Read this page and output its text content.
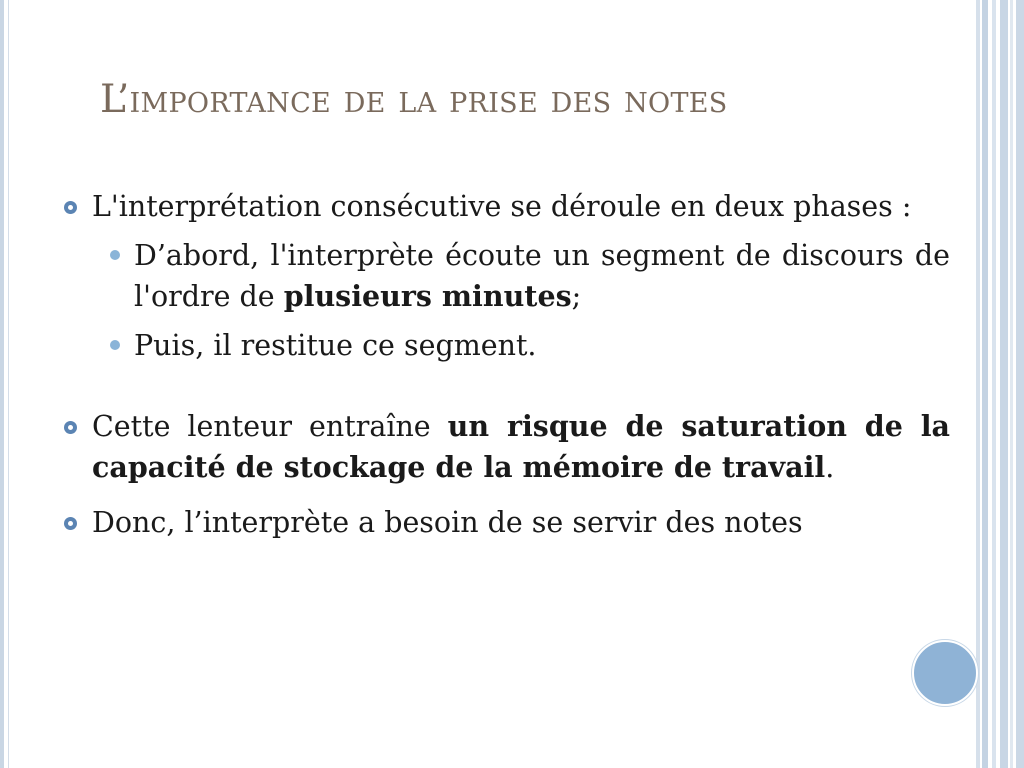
L’importance de la prise des notes
L'interprétation consécutive se déroule en deux phases :
D’abord, l'interprète écoute un segment de discours de l'ordre de plusieurs minutes;
Puis, il restitue ce segment.
Cette lenteur entraîne un risque de saturation de la capacité de stockage de la mémoire de travail.
Donc, l’interprète a besoin de se servir des notes
